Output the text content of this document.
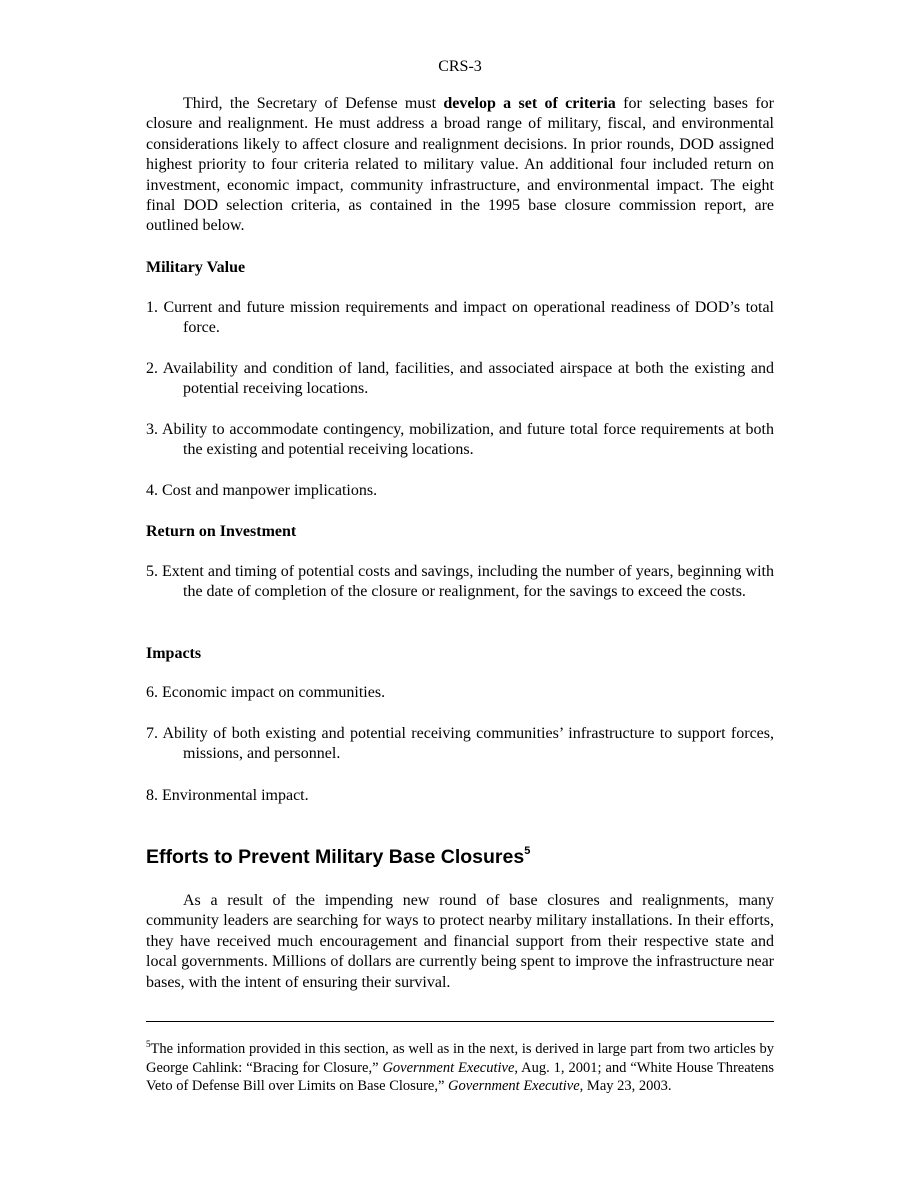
CRS-3

Third, the Secretary of Defense must develop a set of criteria for selecting bases for closure and realignment. He must address a broad range of military, fiscal, and environmental considerations likely to affect closure and realignment decisions. In prior rounds, DOD assigned highest priority to four criteria related to military value. An additional four included return on investment, economic impact, community infrastructure, and environmental impact. The eight final DOD selection criteria, as contained in the 1995 base closure commission report, are outlined below.

Military Value

1. Current and future mission requirements and impact on operational readiness of DOD’s total force.

2. Availability and condition of land, facilities, and associated airspace at both the existing and potential receiving locations.

3. Ability to accommodate contingency, mobilization, and future total force requirements at both the existing and potential receiving locations.

4. Cost and manpower implications.

Return on Investment

5. Extent and timing of potential costs and savings, including the number of years, beginning with the date of completion of the closure or realignment, for the savings to exceed the costs.

Impacts

6. Economic impact on communities.

7. Ability of both existing and potential receiving communities’ infrastructure to support forces, missions, and personnel.

8. Environmental impact.

Efforts to Prevent Military Base Closures$^5$

As a result of the impending new round of base closures and realignments, many community leaders are searching for ways to protect nearby military installations. In their efforts, they have received much encouragement and financial support from their respective state and local governments. Millions of dollars are currently being spent to improve the infrastructure near bases, with the intent of ensuring their survival.

$^5$The information provided in this section, as well as in the next, is derived in large part from two articles by George Cahlink: “Bracing for Closure,” Government Executive, Aug. 1, 2001; and “White House Threatens Veto of Defense Bill over Limits on Base Closure,” Government Executive, May 23, 2003.
